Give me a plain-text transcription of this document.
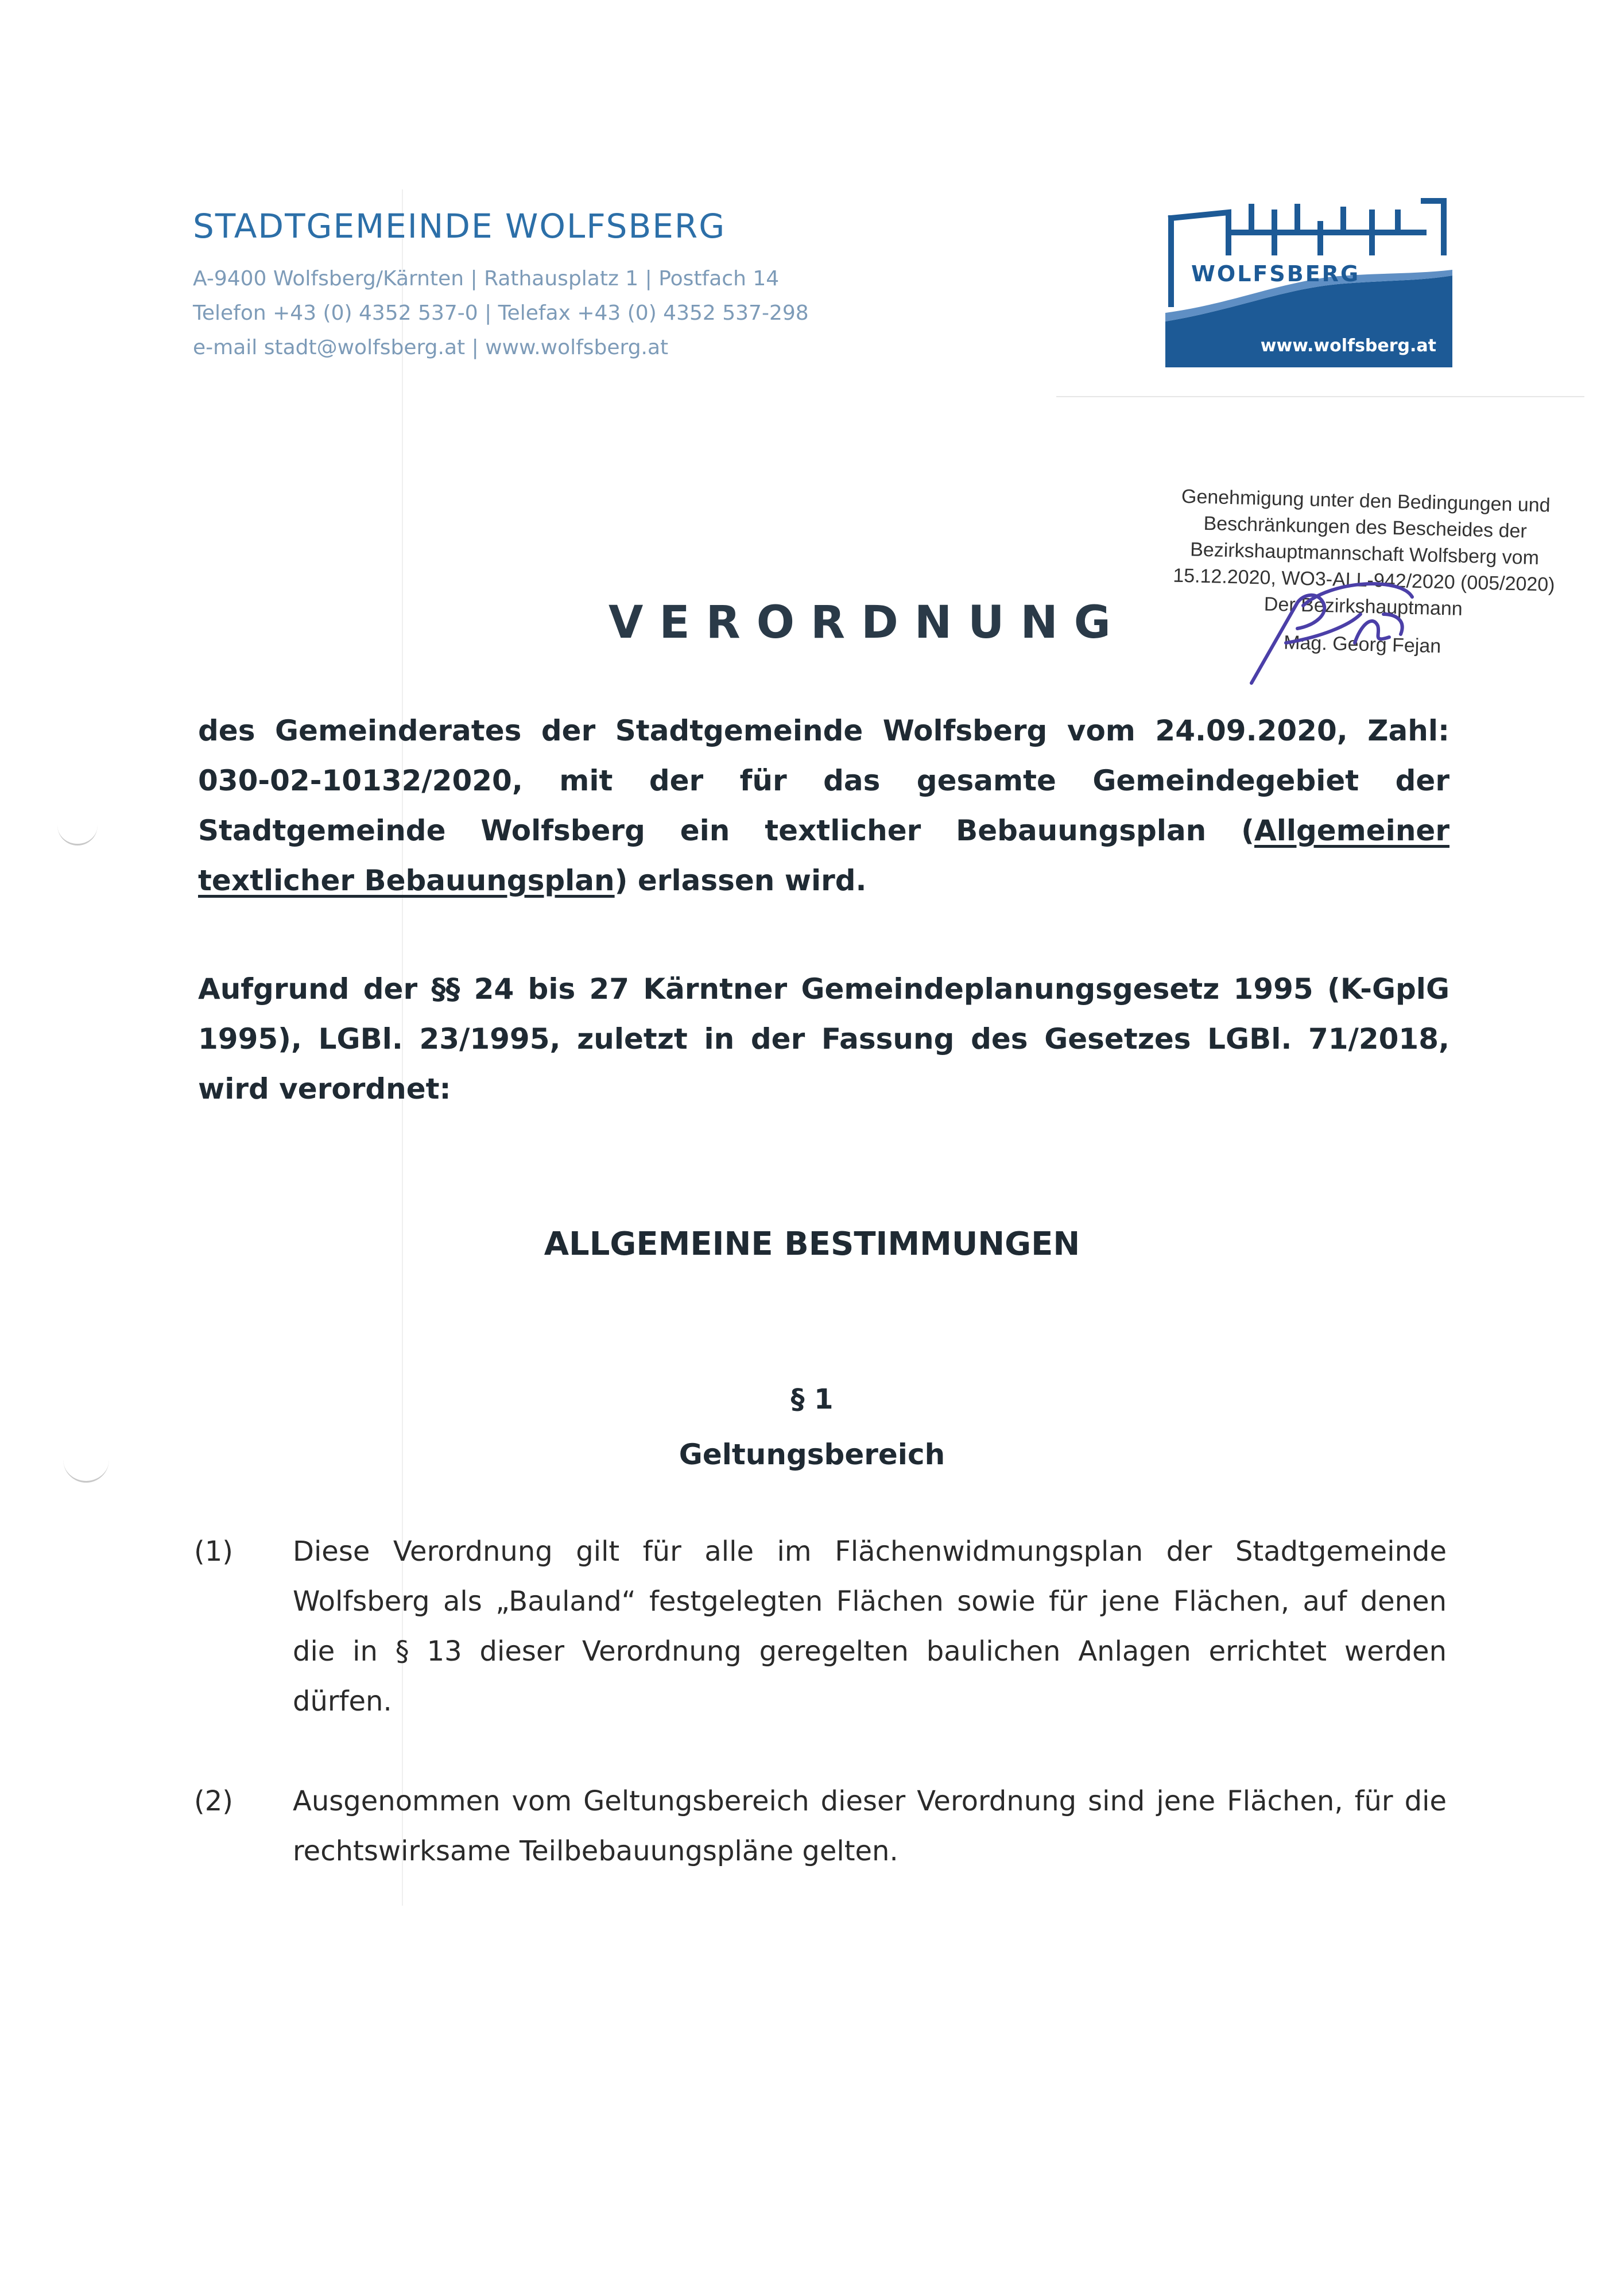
STADTGEMEINDE WOLFSBERG
A-9400 Wolfsberg/Kärnten | Rathausplatz 1 | Postfach 14
Telefon +43 (0) 4352 537-0 | Telefax +43 (0) 4352 537-298
e-mail stadt@wolfsberg.at | www.wolfsberg.at
WOLFSBERG
www.wolfsberg.at
Genehmigung unter den Bedingungen und
Beschränkungen des Bescheides der
Bezirkshauptmannschaft Wolfsberg vom
15.12.2020, WO3-ALL-942/2020 (005/2020)
Der Bezirkshauptmann
Mag. Georg Fejan
VERORDNUNG
des Gemeinderates der Stadtgemeinde Wolfsberg vom 24.09.2020, Zahl: 030-02-10132/2020, mit der für das gesamte Gemeindegebiet der Stadtgemeinde Wolfsberg ein textlicher Bebauungsplan (Allgemeiner textlicher Bebauungsplan) erlassen wird.
Aufgrund der §§ 24 bis 27 Kärntner Gemeindeplanungsgesetz 1995 (K-GplG 1995), LGBl. 23/1995, zuletzt in der Fassung des Gesetzes LGBl. 71/2018, wird verordnet:
ALLGEMEINE BESTIMMUNGEN
§ 1
Geltungsbereich
(1) Diese Verordnung gilt für alle im Flächenwidmungsplan der Stadtgemeinde Wolfsberg als „Bauland“ festgelegten Flächen sowie für jene Flächen, auf denen die in § 13 dieser Verordnung geregelten baulichen Anlagen errichtet werden dürfen.
(2) Ausgenommen vom Geltungsbereich dieser Verordnung sind jene Flächen, für die rechtswirksame Teilbebauungspläne gelten.
